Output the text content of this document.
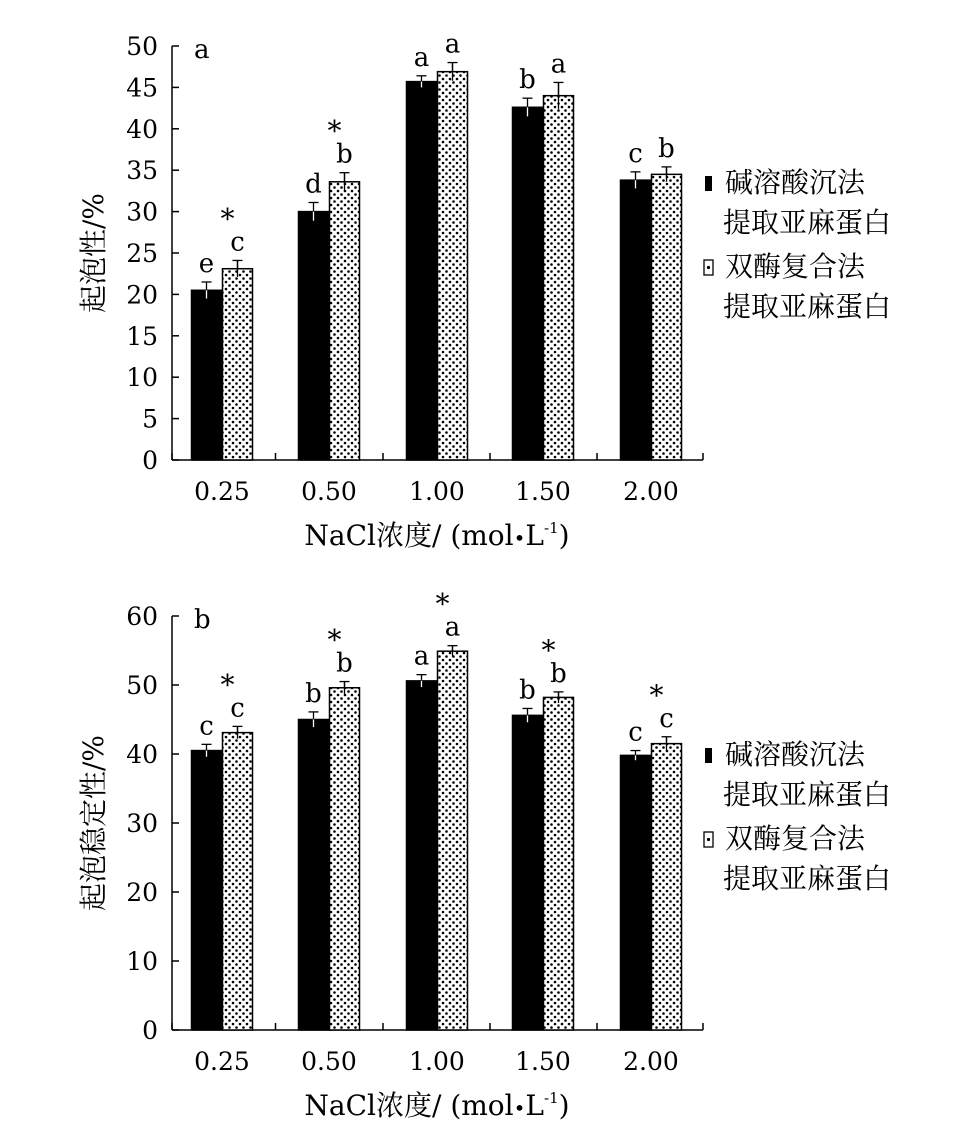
0
5
10
15
20
25
30
35
40
45
50
0.25 0.50 1.00 1.50 2.00
NaCl浓度/ $(mol•L^{-1})$
起泡性/%
a
e
d
a
b
c
c
*
b
*
a
a
b
碱溶酸沉法
提取亚麻蛋白
双酶复合法
提取亚麻蛋白
0
10
20
30
40
50
60
0.25 0.50 1.00 1.50 2.00
NaCl浓度/ $(mol•L^{-1})$
起泡稳定性/%
b
c
b
a
b
c
c
*
b
*	a
*
b
*
c
*
碱溶酸沉法
提取亚麻蛋白
双酶复合法
提取亚麻蛋白
